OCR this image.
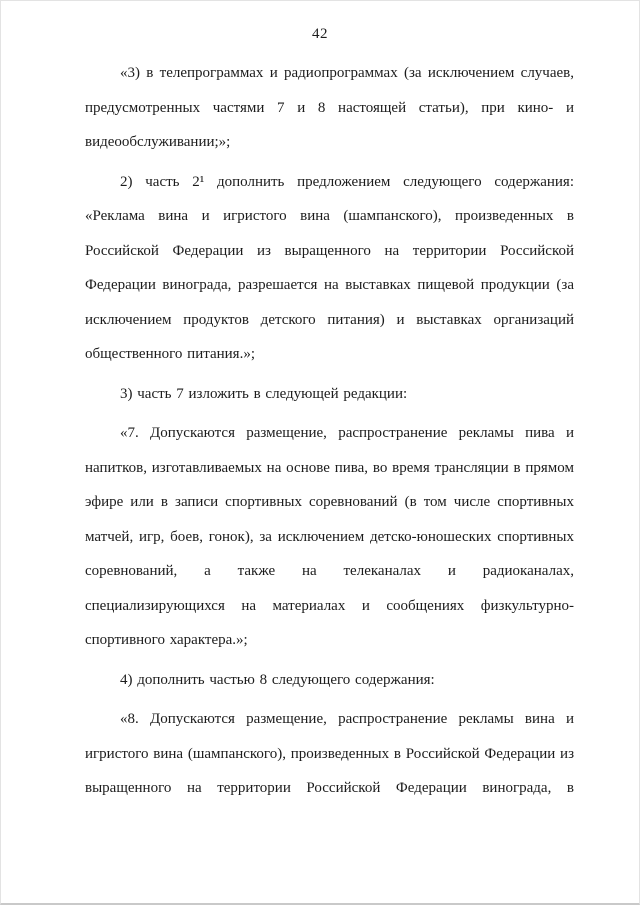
42

«3) в телепрограммах и радиопрограммах (за исключением случаев, предусмотренных частями 7 и 8 настоящей статьи), при кино- и видеообслуживании;»;

2) часть 2¹ дополнить предложением следующего содержания: «Реклама вина и игристого вина (шампанского), произведенных в Российской Федерации из выращенного на территории Российской Федерации винограда, разрешается на выставках пищевой продукции (за исключением продуктов детского питания) и выставках организаций общественного питания.»;

3) часть 7 изложить в следующей редакции:

«7. Допускаются размещение, распространение рекламы пива и напитков, изготавливаемых на основе пива, во время трансляции в прямом эфире или в записи спортивных соревнований (в том числе спортивных матчей, игр, боев, гонок), за исключением детско-юношеских спортивных соревнований, а также на телеканалах и радиоканалах, специализирующихся на материалах и сообщениях физкультурно-спортивного характера.»;

4) дополнить частью 8 следующего содержания:

«8. Допускаются размещение, распространение рекламы вина и игристого вина (шампанского), произведенных в Российской Федерации из выращенного на территории Российской Федерации винограда, в
